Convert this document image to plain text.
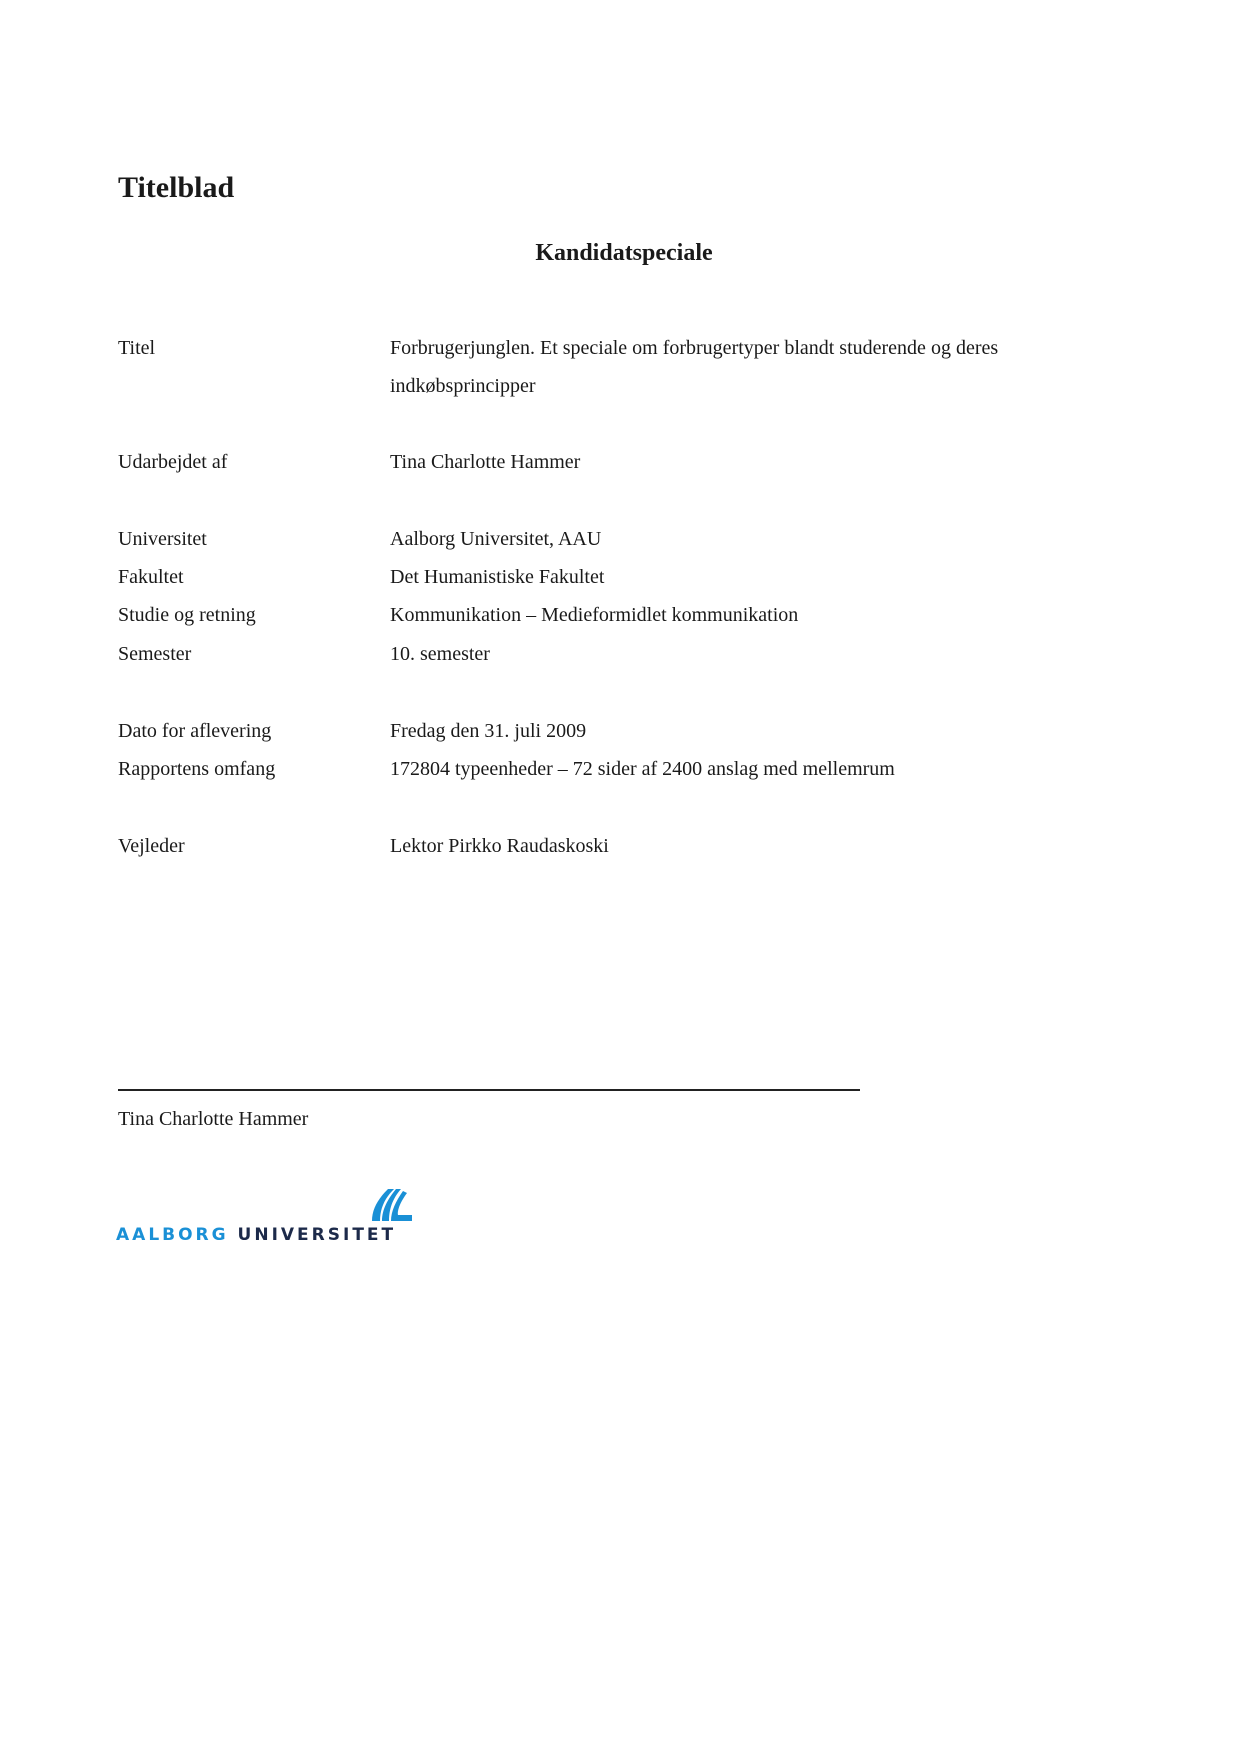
Titelblad
Kandidatspeciale
Titel	Forbrugerjunglen. Et speciale om forbrugertyper blandt studerende og deres indkøbsprincipper
Udarbejdet af	Tina Charlotte Hammer
Universitet	Aalborg Universitet, AAU
Fakultet	Det Humanistiske Fakultet
Studie og retning	Kommunikation – Medieformidlet kommunikation
Semester	10. semester
Dato for aflevering	Fredag den 31. juli 2009
Rapportens omfang	172804 typeenheder – 72 sider af 2400 anslag med mellemrum
Vejleder	Lektor Pirkko Raudaskoski
Tina Charlotte Hammer
AALBORG UNIVERSITET
